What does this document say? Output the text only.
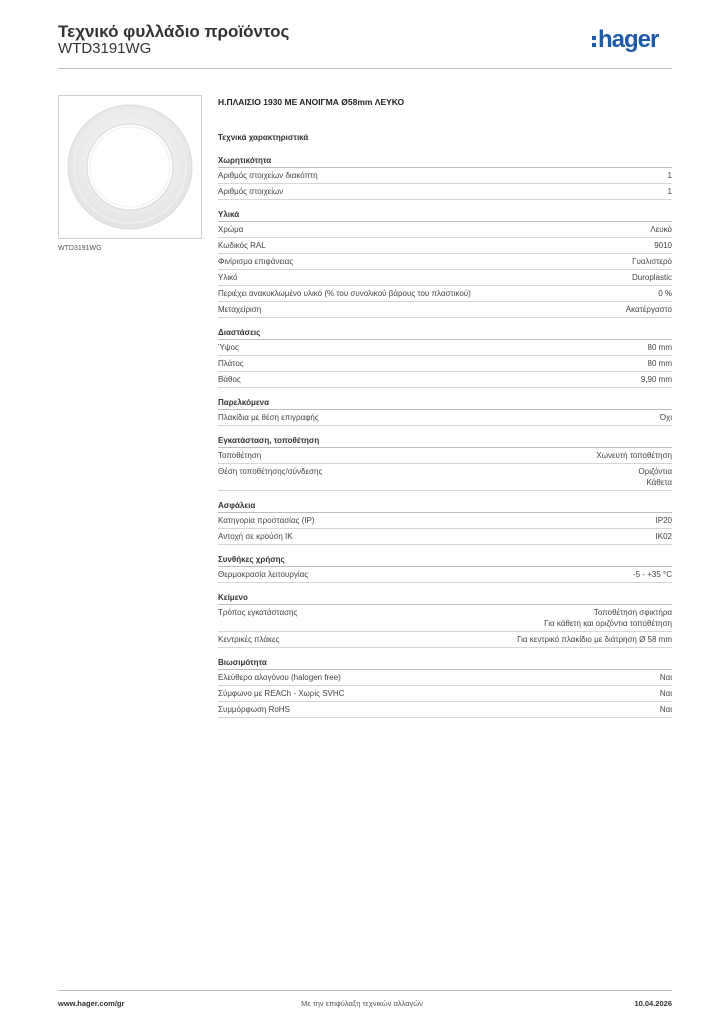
Τεχνικό φυλλάδιο προϊόντος
WTD3191WG	hager
WTD3191WG
Η.ΠΛΑΙΣΙΟ 1930 ΜΕ ΑΝΟΙΓΜΑ Ø58mm ΛΕΥΚΟ
Τεχνικά χαρακτηριστικά
Χωρητικότητα
Αριθμός στοιχείων διακόπτη	1
Αριθμός στοιχείων	1
Υλικά
Χρώμα	Λευκό
Κωδικός RAL	9010
Φινίρισμα επιφάνειας	Γυαλιστερό
Υλικό	Duroplastic
Περιέχει ανακυκλωμένο υλικό (% του συνολικού βάρους του πλαστικού)	0 %
Μεταχείριση	Ακατέργαστο
Διαστάσεις
Ύψος	80 mm
Πλάτος	80 mm
Βάθος	9,90 mm
Παρελκόμενα
Πλακίδια με θέση επιγραφής	Όχι
Εγκατάσταση, τοποθέτηση
Τοποθέτηση	Χωνευτή τοποθέτηση
Θέση τοποθέτησης/σύνδεσης	Οριζόντια
Κάθετα
Ασφάλεια
Κατηγορία προστασίας (IP)	IP20
Αντοχή σε κρούση IK	IK02
Συνθήκες χρήσης
Θερμοκρασία λειτουργίας	-5 - +35 °C
Κείμενο
Τρόπος εγκατάστασης	Τοποθέτηση σφικτήρα
Για κάθετη και οριζόντια τοποθέτηση
Κεντρικές πλάκες	Για κεντρικό πλακίδιο με διάτρηση Ø 58 mm
Βιωσιμότητα
Ελεύθερο αλογόνου (halogen free)	Ναι
Σύμφωνο με REACh - Χωρίς SVHC	Ναι
Συμμόρφωση RoHS	Ναι
www.hager.com/gr	Με την επιφύλαξη τεχνικών αλλαγών	10.04.2026
